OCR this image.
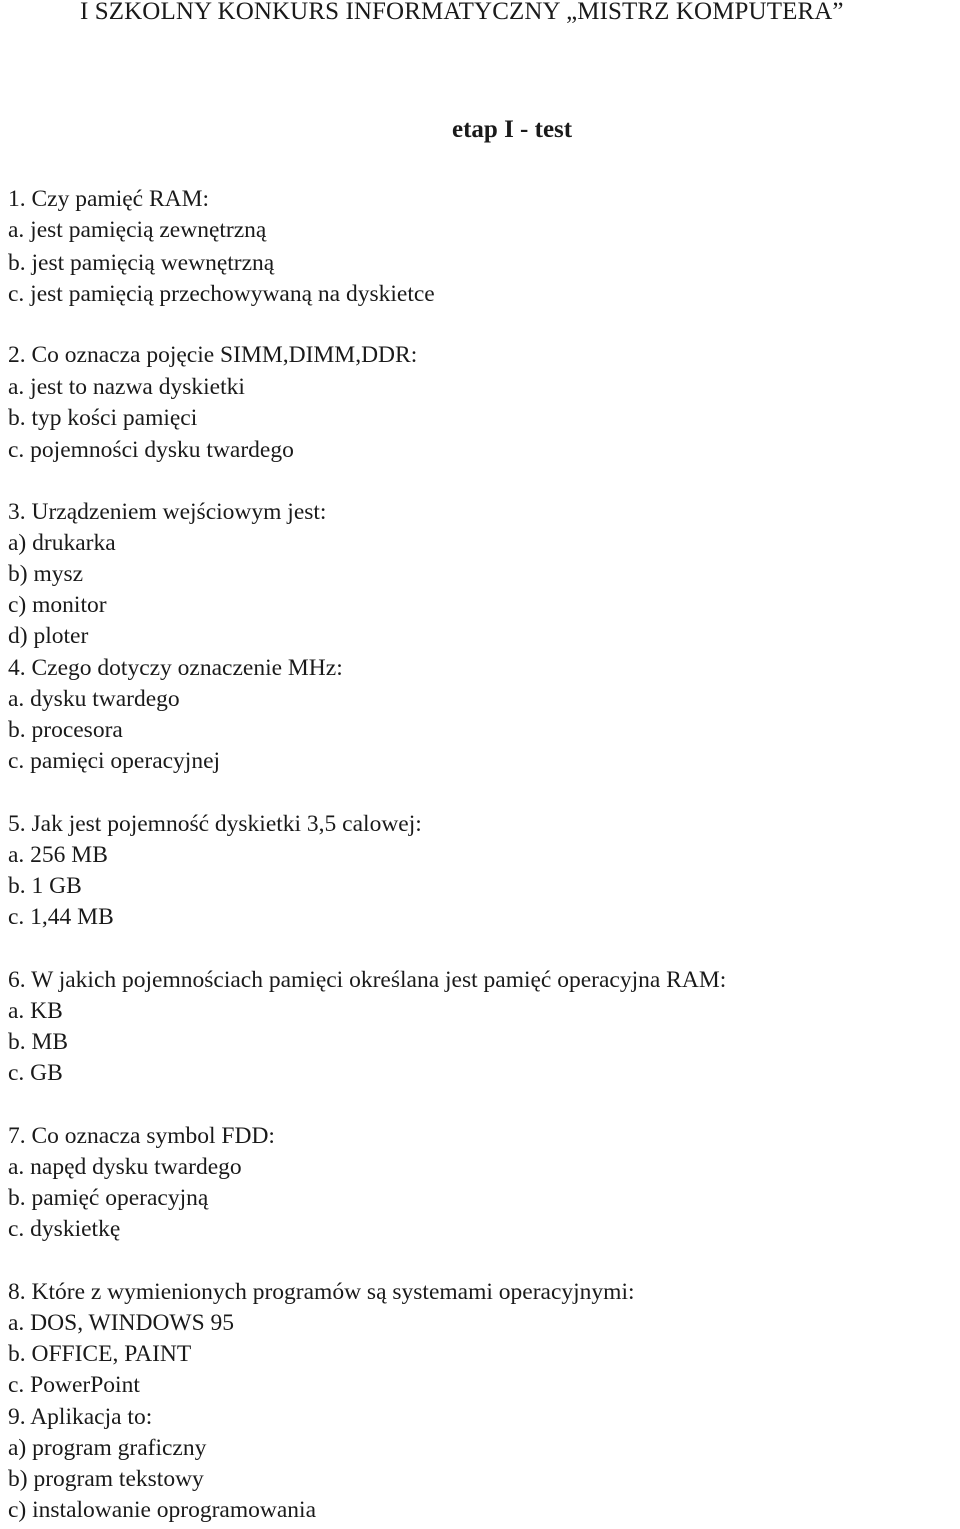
I SZKOLNY KONKURS INFORMATYCZNY „MISTRZ KOMPUTERA”
etap I - test
1. Czy pamięć RAM:
a. jest pamięcią zewnętrzną
b. jest pamięcią wewnętrzną
c. jest pamięcią przechowywaną na dyskietce
2. Co oznacza pojęcie SIMM,DIMM,DDR:
a. jest to nazwa dyskietki
b. typ kości pamięci
c. pojemności dysku twardego
3. Urządzeniem wejściowym jest:
a) drukarka
b) mysz
c) monitor
d) ploter
4. Czego dotyczy oznaczenie MHz:
a. dysku twardego
b. procesora
c. pamięci operacyjnej
5. Jak jest pojemność dyskietki 3,5 calowej:
a. 256 MB
b. 1 GB
c. 1,44 MB
6. W jakich pojemnościach pamięci określana jest pamięć operacyjna RAM:
a. KB
b. MB
c. GB
7. Co oznacza symbol FDD:
a. napęd dysku twardego
b. pamięć operacyjną
c. dyskietkę
8. Które z wymienionych programów są systemami operacyjnymi:
a. DOS, WINDOWS 95
b. OFFICE, PAINT
c. PowerPoint
9. Aplikacja to:
a) program graficzny
b) program tekstowy
c) instalowanie oprogramowania
